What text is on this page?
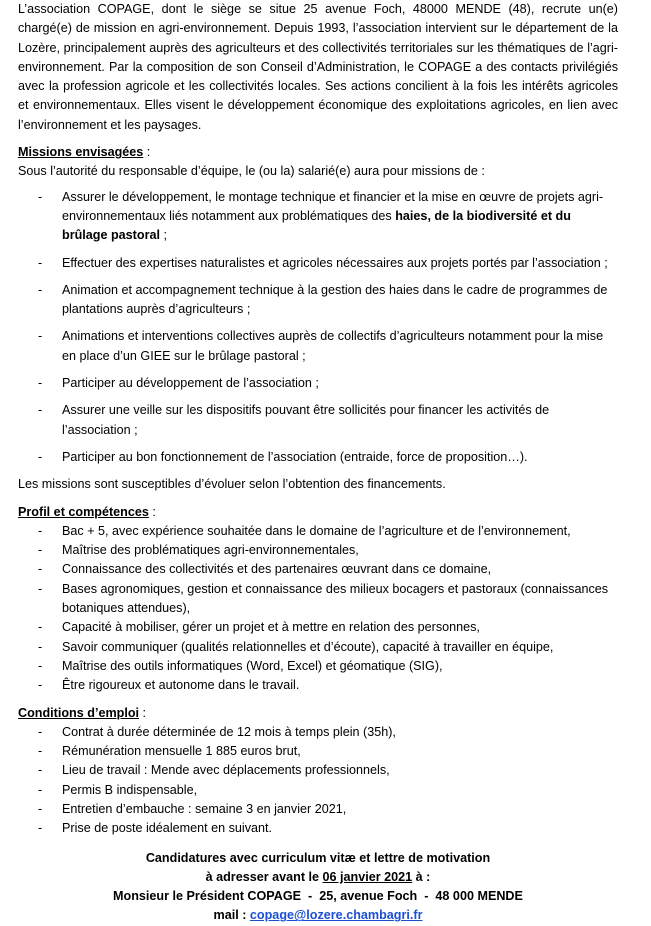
L’association COPAGE, dont le siège se situe 25 avenue Foch, 48000 MENDE (48), recrute un(e) chargé(e) de mission en agri-environnement. Depuis 1993, l’association intervient sur le département de la Lozère, principalement auprès des agriculteurs et des collectivités territoriales sur les thématiques de l’agri-environnement. Par la composition de son Conseil d’Administration, le COPAGE a des contacts privilégiés avec la profession agricole et les collectivités locales. Ses actions concilient à la fois les intérêts agricoles et environnementaux. Elles visent le développement économique des exploitations agricoles, en lien avec l’environnement et les paysages.

Missions envisagées :
Sous l’autorité du responsable d’équipe, le (ou la) salarié(e) aura pour missions de :
- Assurer le développement, le montage technique et financier et la mise en œuvre de projets agri-environnementaux liés notamment aux problématiques des haies, de la biodiversité et du brûlage pastoral ;
- Effectuer des expertises naturalistes et agricoles nécessaires aux projets portés par l’association ;
- Animation et accompagnement technique à la gestion des haies dans le cadre de programmes de plantations auprès d’agriculteurs ;
- Animations et interventions collectives auprès de collectifs d’agriculteurs notamment pour la mise en place d’un GIEE sur le brûlage pastoral ;
- Participer au développement de l’association ;
- Assurer une veille sur les dispositifs pouvant être sollicités pour financer les activités de l’association ;
- Participer au bon fonctionnement de l’association (entraide, force de proposition…).
Les missions sont susceptibles d’évoluer selon l’obtention des financements.
Profil et compétences :
- Bac + 5, avec expérience souhaitée dans le domaine de l’agriculture et de l’environnement,
- Maîtrise des problématiques agri-environnementales,
- Connaissance des collectivités et des partenaires œuvrant dans ce domaine,
- Bases agronomiques, gestion et connaissance des milieux bocagers et pastoraux (connaissances botaniques attendues),
- Capacité à mobiliser, gérer un projet et à mettre en relation des personnes,
- Savoir communiquer (qualités relationnelles et d’écoute), capacité à travailler en équipe,
- Maîtrise des outils informatiques (Word, Excel) et géomatique (SIG),
- Être rigoureux et autonome dans le travail.
Conditions d’emploi :
- Contrat à durée déterminée de 12 mois à temps plein (35h),
- Rémunération mensuelle 1 885 euros brut,
- Lieu de travail : Mende avec déplacements professionnels,
- Permis B indispensable,
- Entretien d’embauche : semaine 3 en janvier 2021,
- Prise de poste idéalement en suivant.
Candidatures avec curriculum vitæ et lettre de motivation
à adresser avant le 06 janvier 2021 à :
Monsieur le Président COPAGE  -  25, avenue Foch  -  48 000 MENDE
mail : copage@lozere.chambagri.fr
